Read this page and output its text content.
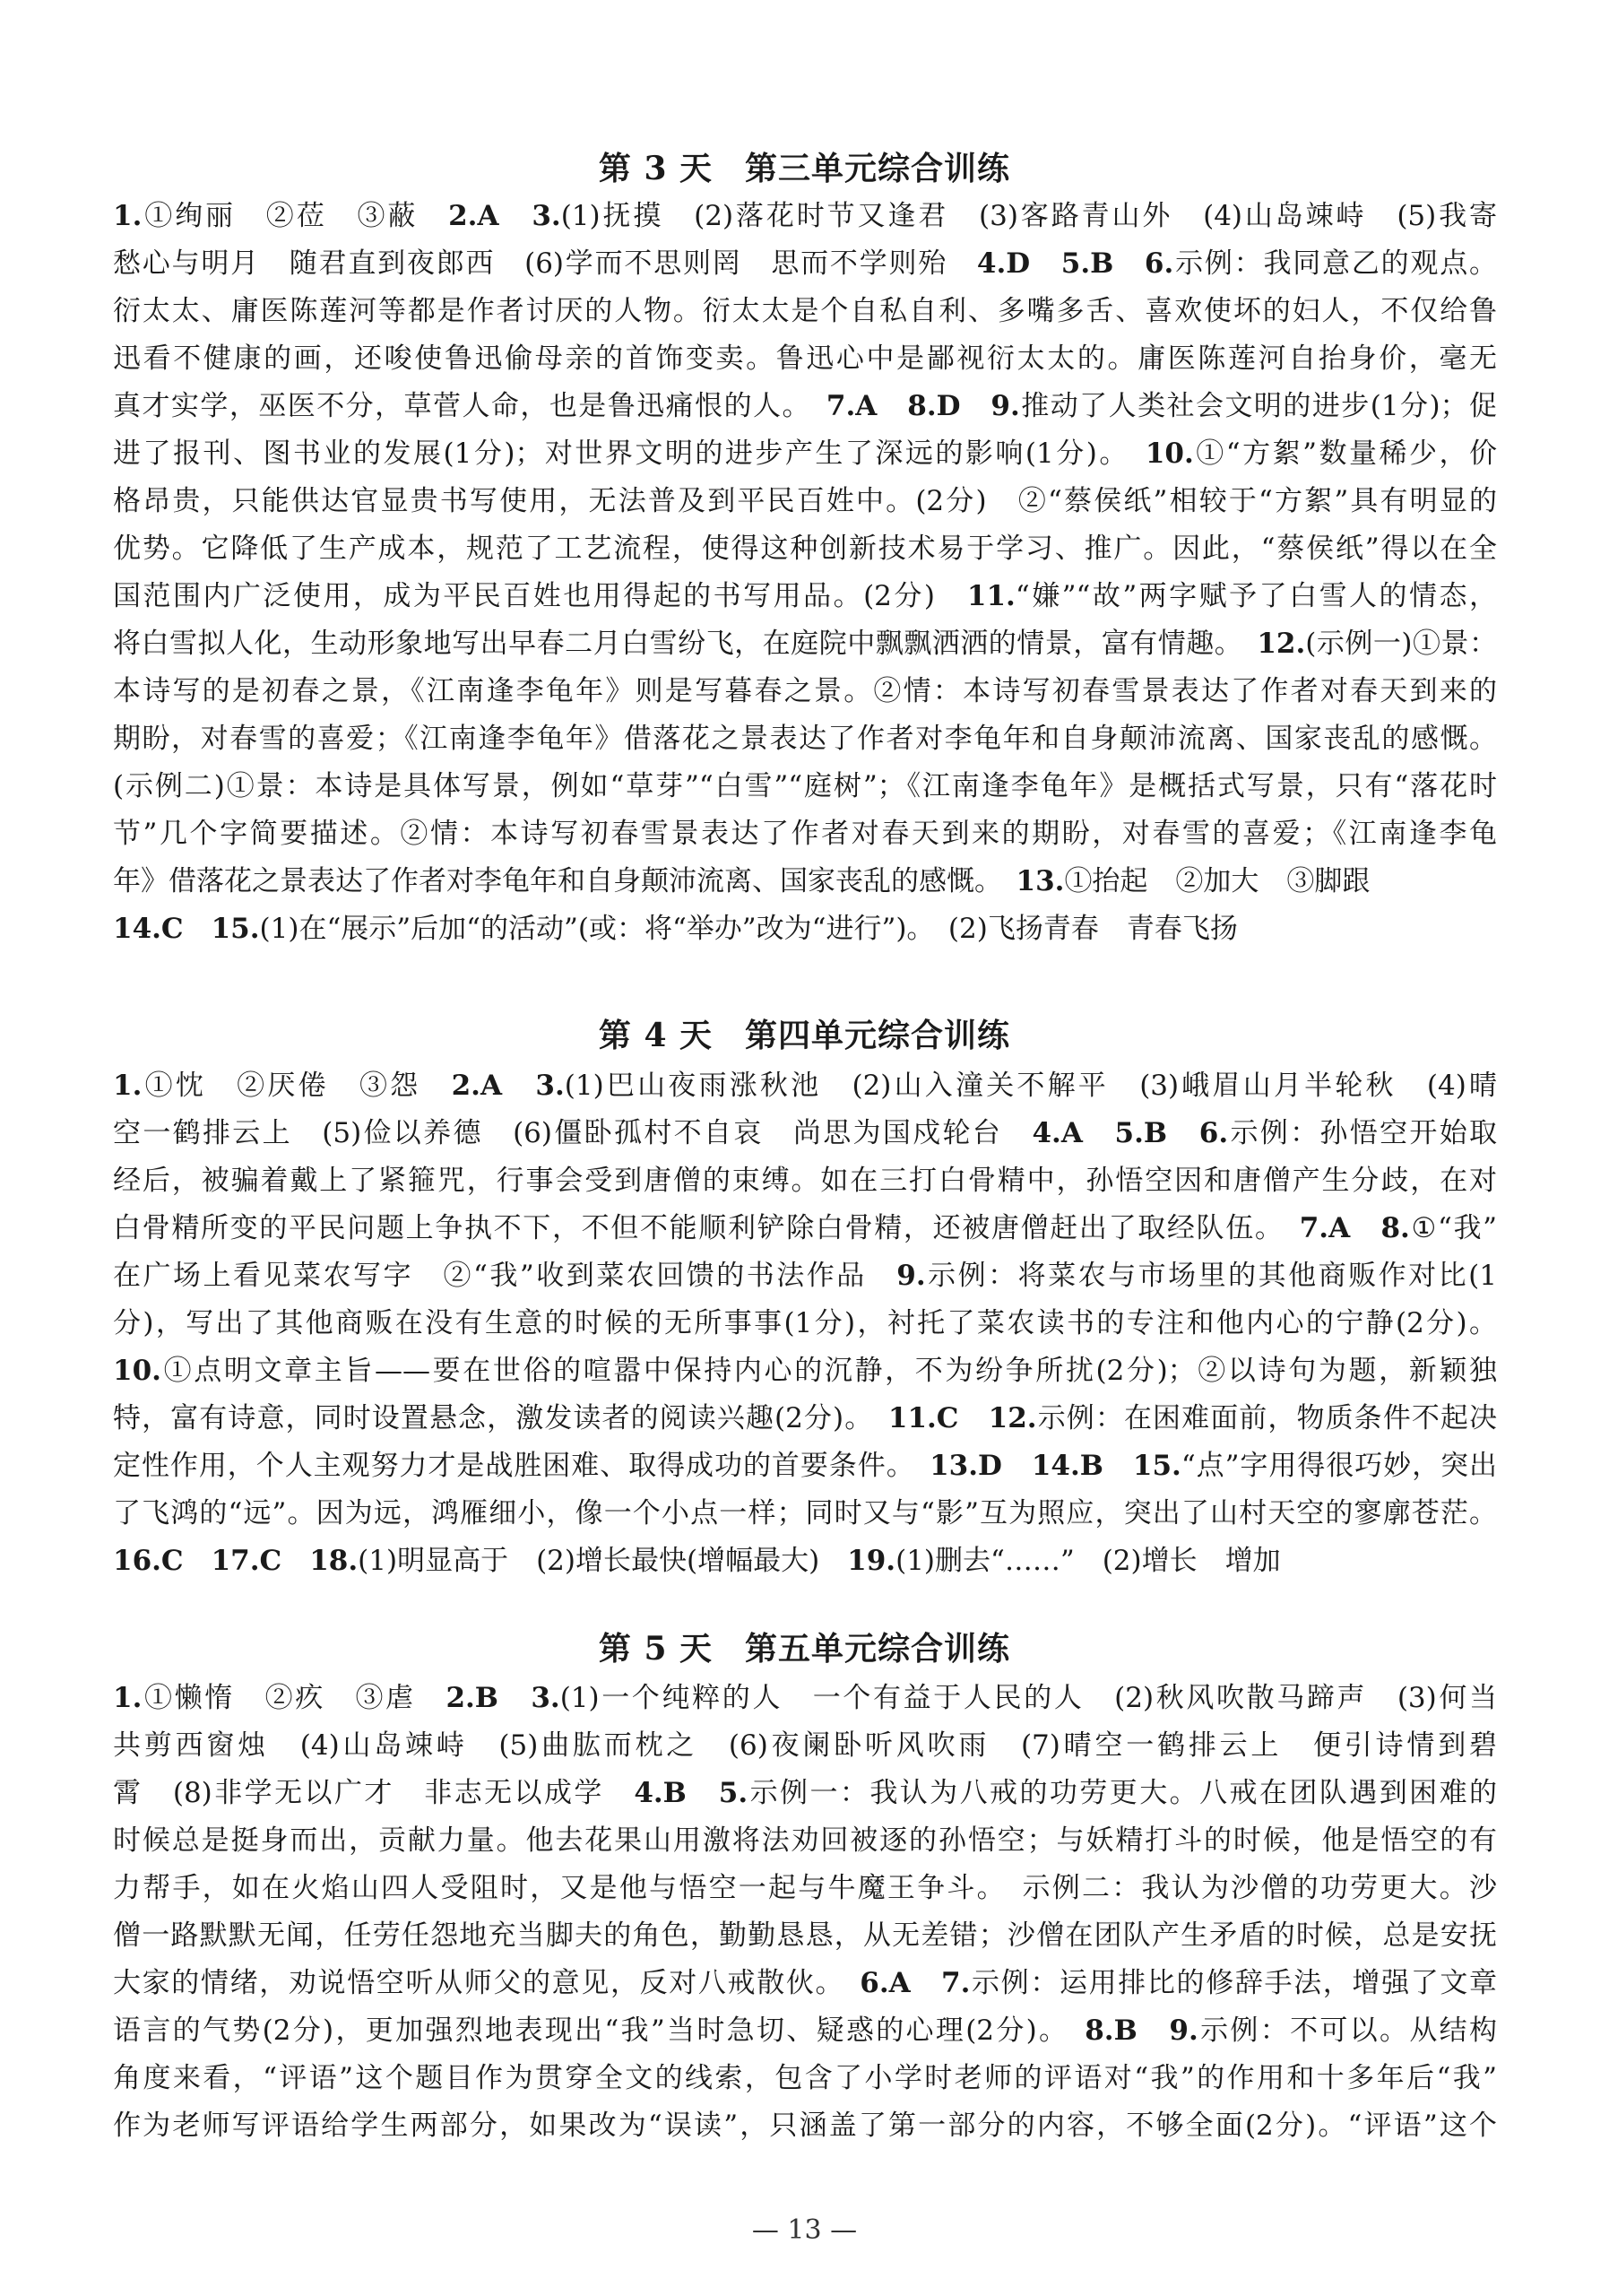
第 3 天 第三单元综合训练
1.①绚丽　②莅　③蔽　2.A　 3.(1)抚摸　(2)落花时节又逢君　(3)客路青山外　(4)山岛竦峙　(5)我寄
愁心与明月　随君直到夜郎西　(6)学而不思则罔　思而不学则殆　4.D　 5.B　 6.示例：我同意乙的观点。
衍太太、庸医陈莲河等都是作者讨厌的人物。衍太太是个自私自利、多嘴多舌、喜欢使坏的妇人，不仅给鲁
迅看不健康的画，还唆使鲁迅偷母亲的首饰变卖。鲁迅心中是鄙视衍太太的。庸医陈莲河自抬身价，毫无
真才实学，巫医不分，草菅人命，也是鲁迅痛恨的人。　7.A　 8.D　 9.推动了人类社会文明的进步(1分)；促
进了报刊、图书业的发展(1分)；对世界文明的进步产生了深远的影响(1分)。　10.①“方絮”数量稀少，价
格昂贵，只能供达官显贵书写使用，无法普及到平民百姓中。(2分)　②“蔡侯纸”相较于“方絮”具有明显的
优势。它降低了生产成本，规范了工艺流程，使得这种创新技术易于学习、推广。因此，“蔡侯纸”得以在全
国范围内广泛使用，成为平民百姓也用得起的书写用品。(2分)　11.“嫌”“故”两字赋予了白雪人的情态，
将白雪拟人化，生动形象地写出早春二月白雪纷飞，在庭院中飘飘洒洒的情景，富有情趣。　12.(示例一)①景：
本诗写的是初春之景，《江南逢李龟年》则是写暮春之景。②情：本诗写初春雪景表达了作者对春天到来的
期盼，对春雪的喜爱；《江南逢李龟年》借落花之景表达了作者对李龟年和自身颠沛流离、国家丧乱的感慨。
(示例二)①景：本诗是具体写景，例如“草芽”“白雪”“庭树”；《江南逢李龟年》是概括式写景，只有“落花时
节”几个字简要描述。②情：本诗写初春雪景表达了作者对春天到来的期盼，对春雪的喜爱；《江南逢李龟
年》借落花之景表达了作者对李龟年和自身颠沛流离、国家丧乱的感慨。　13.①抬起　②加大　③脚跟
14.C　 15.(1)在“展示”后加“的活动”(或：将“举办”改为“进行”)。　(2)飞扬青春　青春飞扬
第 4 天 第四单元综合训练
1.①忱　②厌倦　③怨　2.A　 3.(1)巴山夜雨涨秋池　(2)山入潼关不解平　(3)峨眉山月半轮秋　(4)晴
空一鹤排云上　(5)俭以养德　(6)僵卧孤村不自哀　尚思为国戍轮台　4.A　 5.B　 6.示例：孙悟空开始取
经后，被骗着戴上了紧箍咒，行事会受到唐僧的束缚。如在三打白骨精中，孙悟空因和唐僧产生分歧，在对
白骨精所变的平民问题上争执不下，不但不能顺利铲除白骨精，还被唐僧赶出了取经队伍。　7.A　 8.①“我”
在广场上看见菜农写字　②“我”收到菜农回馈的书法作品　9.示例：将菜农与市场里的其他商贩作对比(1
分)，写出了其他商贩在没有生意的时候的无所事事(1分)，衬托了菜农读书的专注和他内心的宁静(2分)。
10.①点明文章主旨——要在世俗的喧嚣中保持内心的沉静，不为纷争所扰(2分)；②以诗句为题，新颖独
特，富有诗意，同时设置悬念，激发读者的阅读兴趣(2分)。　11.C　 12.示例：在困难面前，物质条件不起决
定性作用，个人主观努力才是战胜困难、取得成功的首要条件。　13.D　 14.B　 15.“点”字用得很巧妙，突出
了飞鸿的“远”。因为远，鸿雁细小，像一个小点一样；同时又与“影”互为照应，突出了山村天空的寥廓苍茫。
16.C　 17.C　 18.(1)明显高于　(2)增长最快(增幅最大)　19.(1)删去“……”　(2)增长　增加
第 5 天 第五单元综合训练
1.①懒惰　②疚　③虐　2.B　 3.(1)一个纯粹的人　一个有益于人民的人　(2)秋风吹散马蹄声　(3)何当
共剪西窗烛　(4)山岛竦峙　(5)曲肱而枕之　(6)夜阑卧听风吹雨　(7)晴空一鹤排云上　便引诗情到碧
霄　(8)非学无以广才　非志无以成学　4.B　 5.示例一：我认为八戒的功劳更大。八戒在团队遇到困难的
时候总是挺身而出，贡献力量。他去花果山用激将法劝回被逐的孙悟空；与妖精打斗的时候，他是悟空的有
力帮手，如在火焰山四人受阻时，又是他与悟空一起与牛魔王争斗。　示例二：我认为沙僧的功劳更大。沙
僧一路默默无闻，任劳任怨地充当脚夫的角色，勤勤恳恳，从无差错；沙僧在团队产生矛盾的时候，总是安抚
大家的情绪，劝说悟空听从师父的意见，反对八戒散伙。　6.A　 7.示例：运用排比的修辞手法，增强了文章
语言的气势(2分)，更加强烈地表现出“我”当时急切、疑惑的心理(2分)。　8.B　 9.示例：不可以。从结构
角度来看，“评语”这个题目作为贯穿全文的线索，包含了小学时老师的评语对“我”的作用和十多年后“我”
作为老师写评语给学生两部分，如果改为“误读”，只涵盖了第一部分的内容，不够全面(2分)。“评语”这个
— 13 —
